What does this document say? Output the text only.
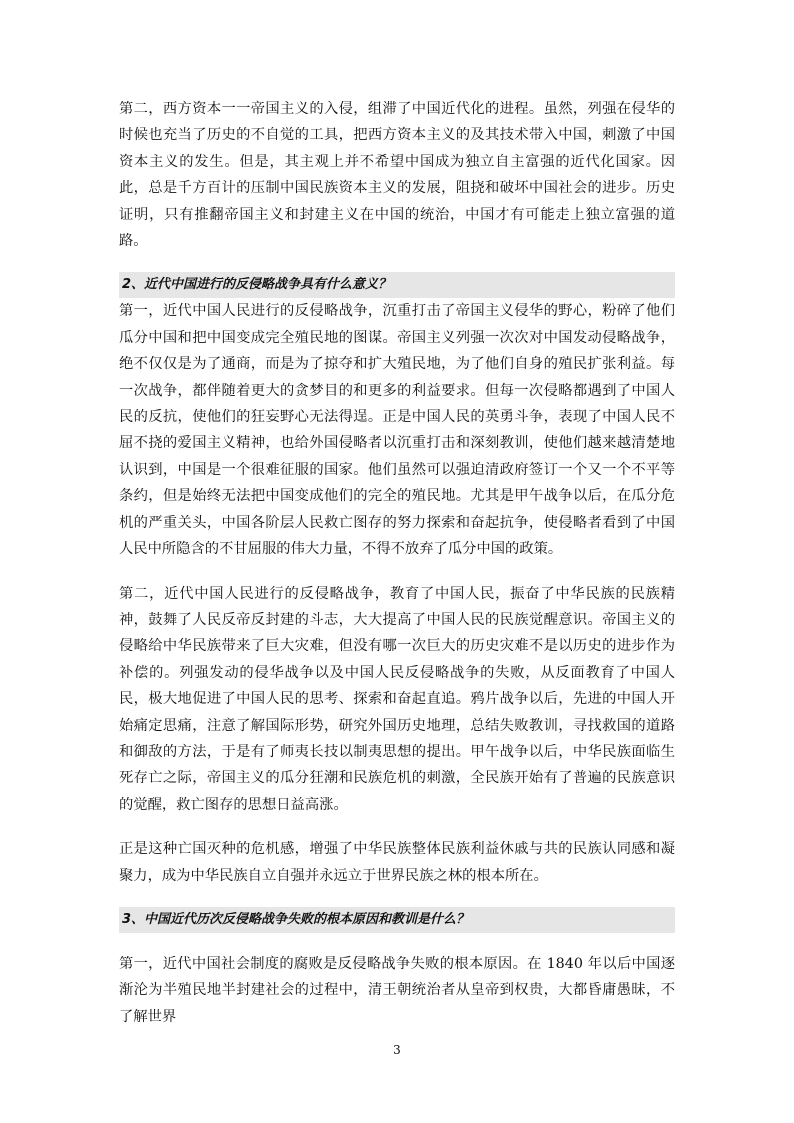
第二，西方资本一一帝国主义的入侵，组滞了中国近代化的进程。虽然，列强在侵华的时候也充当了历史的不自觉的工具，把西方资本主义的及其技术带入中国，刺激了中国资本主义的发生。但是，其主观上并不希望中国成为独立自主富强的近代化国家。因此，总是千方百计的压制中国民族资本主义的发展，阻挠和破坏中国社会的进步。历史证明，只有推翻帝国主义和封建主义在中国的统治，中国才有可能走上独立富强的道路。

2、近代中国进行的反侵略战争具有什么意义？

第一，近代中国人民进行的反侵略战争，沉重打击了帝国主义侵华的野心，粉碎了他们瓜分中国和把中国变成完全殖民地的图谋。帝国主义列强一次次对中国发动侵略战争，绝不仅仅是为了通商，而是为了掠夺和扩大殖民地，为了他们自身的殖民扩张利益。每一次战争，都伴随着更大的贪梦目的和更多的利益要求。但每一次侵略都遇到了中国人民的反抗，使他们的狂妄野心无法得逞。正是中国人民的英勇斗争，表现了中国人民不屈不挠的爱国主义精神，也给外国侵略者以沉重打击和深刻教训，使他们越来越清楚地认识到，中国是一个很难征服的国家。他们虽然可以强迫清政府签订一个又一个不平等条约，但是始终无法把中国变成他们的完全的殖民地。尤其是甲午战争以后，在瓜分危机的严重关头，中国各阶层人民救亡图存的努力探索和奋起抗争，使侵略者看到了中国人民中所隐含的不甘屈服的伟大力量，不得不放弃了瓜分中国的政策。

第二，近代中国人民进行的反侵略战争，教育了中国人民，振奋了中华民族的民族精神，鼓舞了人民反帝反封建的斗志，大大提高了中国人民的民族觉醒意识。帝国主义的侵略给中华民族带来了巨大灾难，但没有哪一次巨大的历史灾难不是以历史的进步作为补偿的。列强发动的侵华战争以及中国人民反侵略战争的失败，从反面教育了中国人民，极大地促进了中国人民的思考、探索和奋起直追。鸦片战争以后，先进的中国人开始痛定思痛，注意了解国际形势，研究外国历史地理，总结失败教训，寻找救国的道路和御敌的方法，于是有了师夷长技以制夷思想的提出。甲午战争以后，中华民族面临生死存亡之际，帝国主义的瓜分狂潮和民族危机的刺激，全民族开始有了普遍的民族意识的觉醒，救亡图存的思想日益高涨。

正是这种亡国灭种的危机感，增强了中华民族整体民族利益休戚与共的民族认同感和凝聚力，成为中华民族自立自强并永远立于世界民族之林的根本所在。

3、中国近代历次反侵略战争失败的根本原因和教训是什么？

第一，近代中国社会制度的腐败是反侵略战争失败的根本原因。在 1840 年以后中国逐渐沦为半殖民地半封建社会的过程中，清王朝统治者从皇帝到权贵，大都昏庸愚昧，不了解世界

3
